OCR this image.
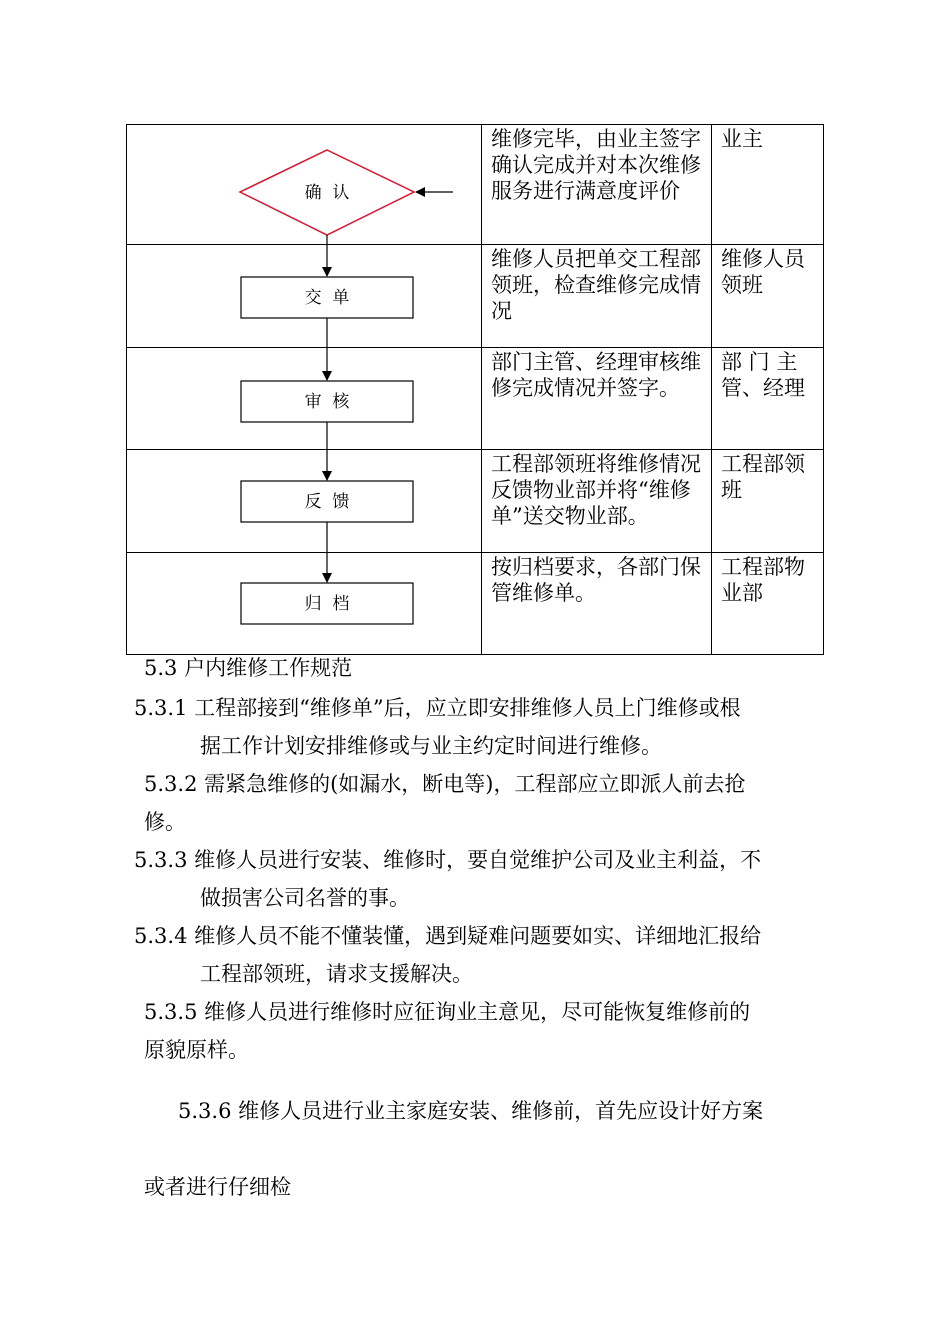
	维修完毕，由业主签字确认完成并对本次维修服务进行满意度评价	业主
	维修人员把单交工程部领班，检查维修完成情况	维修人员领班
	部门主管、经理审核维修完成情况并签字。	部 门 主管、经理
	工程部领班将维修情况反馈物业部并将“维修单”送交物业部。	工程部领班
	按归档要求，各部门保管维修单。	工程部物业部
确  认
交  单
审  核
反  馈
归  档
5.3 户内维修工作规范
5.3.1 工程部接到“维修单”后，应立即安排维修人员上门维修或根
据工作计划安排维修或与业主约定时间进行维修。
5.3.2 需紧急维修的(如漏水，断电等)，工程部应立即派人前去抢
修。
5.3.3 维修人员进行安装、维修时，要自觉维护公司及业主利益，不
做损害公司名誉的事。
5.3.4 维修人员不能不懂装懂，遇到疑难问题要如实、详细地汇报给
工程部领班，请求支援解决。
5.3.5 维修人员进行维修时应征询业主意见，尽可能恢复维修前的
原貌原样。
5.3.6 维修人员进行业主家庭安装、维修前，首先应设计好方案
或者进行仔细检
